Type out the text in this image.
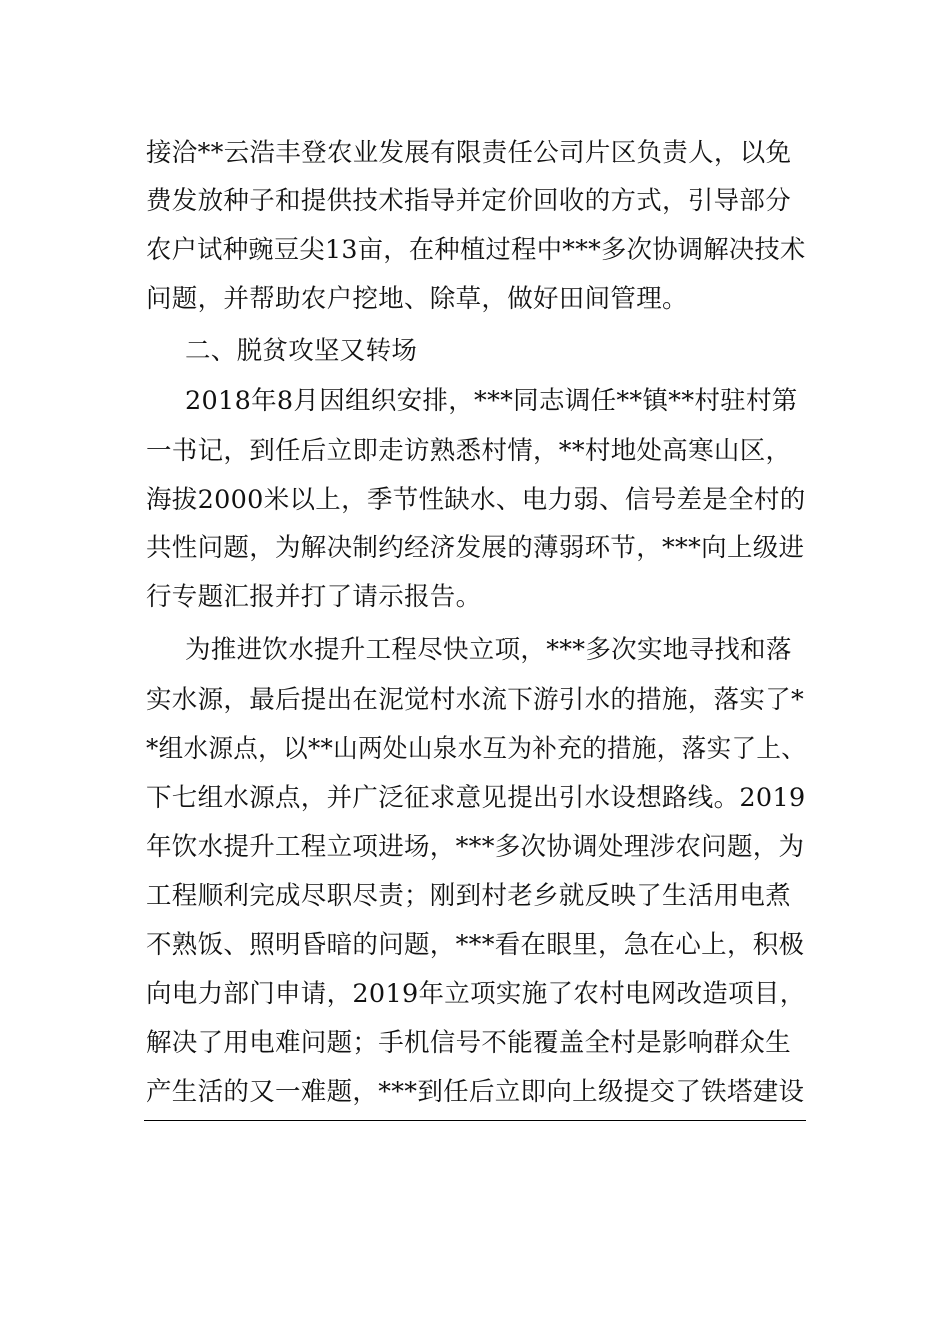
接洽**云浩丰登农业发展有限责任公司片区负责人，以免
费发放种子和提供技术指导并定价回收的方式，引导部分
农户试种豌豆尖13亩，在种植过程中***多次协调解决技术
问题，并帮助农户挖地、除草，做好田间管理。
二、脱贫攻坚又转场
2018年8月因组织安排，***同志调任**镇**村驻村第
一书记，到任后立即走访熟悉村情，**村地处高寒山区，
海拔2000米以上，季节性缺水、电力弱、信号差是全村的
共性问题，为解决制约经济发展的薄弱环节，***向上级进
行专题汇报并打了请示报告。
为推进饮水提升工程尽快立项，***多次实地寻找和落
实水源，最后提出在泥觉村水流下游引水的措施，落实了*
*组水源点，以**山两处山泉水互为补充的措施，落实了上、
下七组水源点，并广泛征求意见提出引水设想路线。2019
年饮水提升工程立项进场，***多次协调处理涉农问题，为
工程顺利完成尽职尽责；刚到村老乡就反映了生活用电煮
不熟饭、照明昏暗的问题，***看在眼里，急在心上，积极
向电力部门申请，2019年立项实施了农村电网改造项目，
解决了用电难问题；手机信号不能覆盖全村是影响群众生
产生活的又一难题，***到任后立即向上级提交了铁塔建设
